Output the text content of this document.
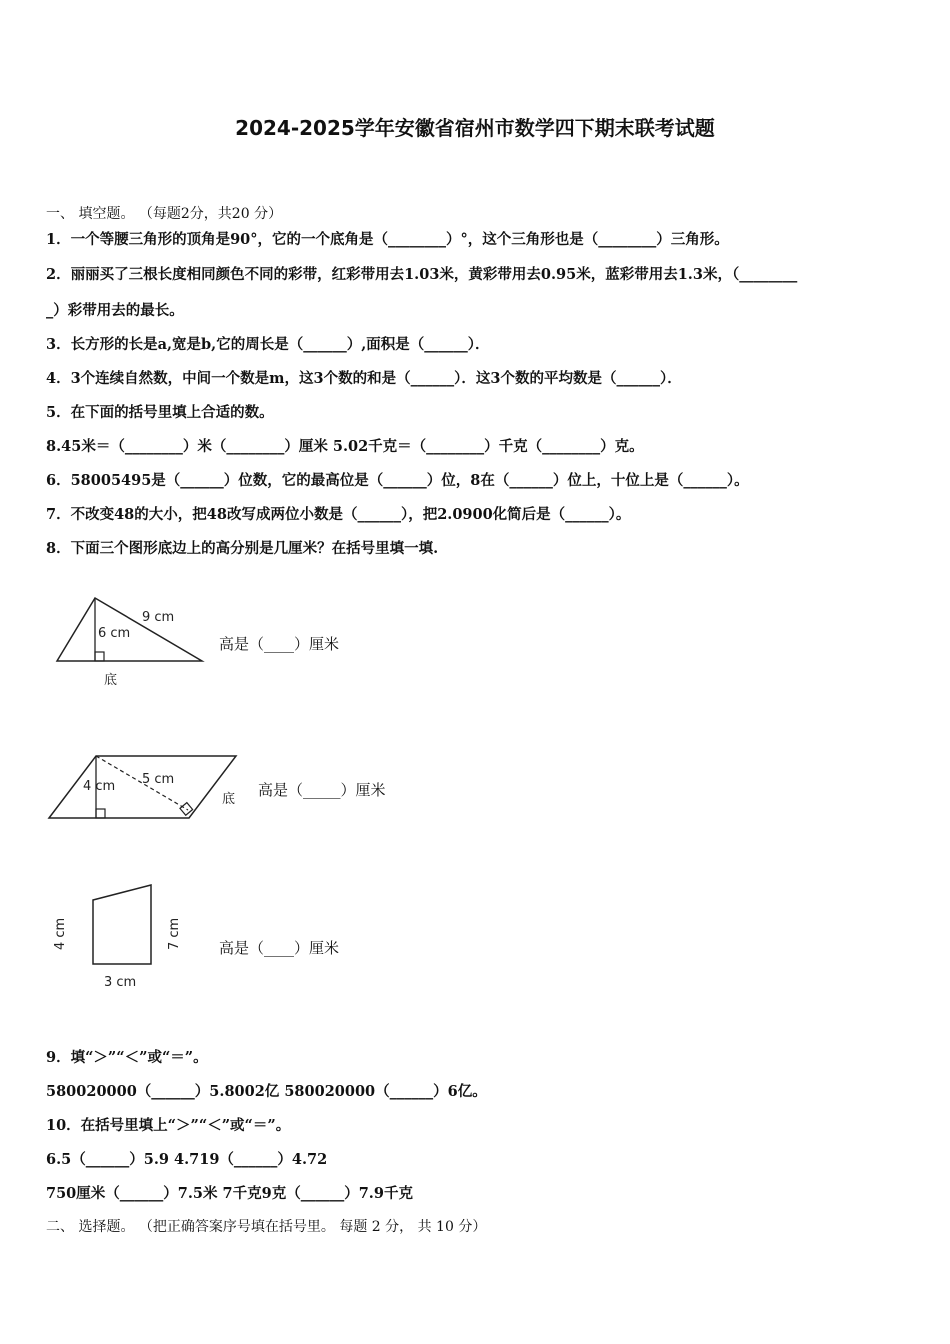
2024-2025学年安徽省宿州市数学四下期末联考试题
一、 填空题。 （每题2分，共20 分）
1．一个等腰三角形的顶角是90°，它的一个底角是（________）°，这个三角形也是（________）三角形。
2．丽丽买了三根长度相同颜色不同的彩带，红彩带用去1.03米，黄彩带用去0.95米，蓝彩带用去1.3米，（________
_）彩带用去的最长。
3．长方形的长是a,宽是b,它的周长是（______）,面积是（______）．
4．3个连续自然数，中间一个数是m，这3个数的和是（______）．这3个数的平均数是（______）．
5．在下面的括号里填上合适的数。
8.45米＝（________）米（________）厘米 5.02千克＝（________）千克（________）克。
6．58005495是（______）位数，它的最高位是（______）位，8在（______）位上，十位上是（______）。
7．不改变48的大小，把48改写成两位小数是（______），把2.0900化简后是（______）。
8．下面三个图形底边上的高分别是几厘米？在括号里填一填.
9 cm
6 cm
底
高是（____）厘米
5 cm
4 cm
底
高是（_____）厘米
4 cm	7 cm
3 cm
高是（____）厘米
9．填“＞”“＜”或“＝”。
580020000（______）5.8002亿 580020000（______）6亿。
10．在括号里填上“＞”“＜”或“＝”。
6.5（______）5.9 4.719（______）4.72
750厘米（______）7.5米 7千克9克（______）7.9千克
二、 选择题。 （把正确答案序号填在括号里。 每题 2 分， 共 10 分）
